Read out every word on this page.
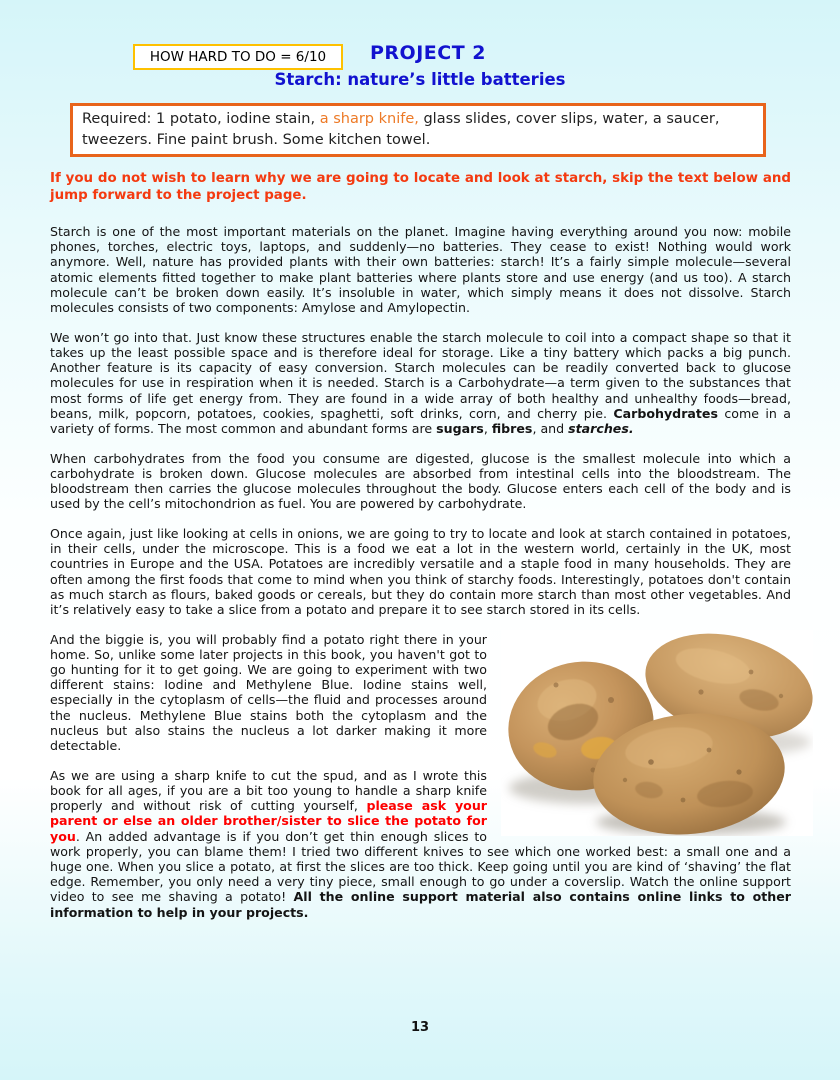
HOW HARD TO DO = 6/10	PROJECT 2
Starch: nature’s little batteries
Required: 1 potato, iodine stain, a sharp knife, glass slides, cover slips, water, a saucer, tweezers. Fine paint brush. Some kitchen towel.

If you do not wish to learn why we are going to locate and look at starch, skip the text below and jump forward to the project page.

Starch is one of the most important materials on the planet. Imagine having everything around you now: mobile phones, torches, electric toys, laptops, and suddenly—no batteries. They cease to exist! Nothing would work anymore. Well, nature has provided plants with their own batteries: starch! It’s a fairly simple molecule—several atomic elements fitted together to make plant batteries where plants store and use energy (and us too). A starch molecule can’t be broken down easily. It’s insoluble in water, which simply means it does not dissolve. Starch molecules consists of two components: Amylose and Amylopectin.

We won’t go into that. Just know these structures enable the starch molecule to coil into a compact shape so that it takes up the least possible space and is therefore ideal for storage. Like a tiny battery which packs a big punch. Another feature is its capacity of easy conversion. Starch molecules can be readily converted back to glucose molecules for use in respiration when it is needed. Starch is a Carbohydrate—a term given to the substances that most forms of life get energy from. They are found in a wide array of both healthy and unhealthy foods—bread, beans, milk, popcorn, potatoes, cookies, spaghetti, soft drinks, corn, and cherry pie. Carbohydrates come in a variety of forms. The most common and abundant forms are sugars, fibres, and starches.

When carbohydrates from the food you consume are digested, glucose is the smallest molecule into which a carbohydrate is broken down. Glucose molecules are absorbed from intestinal cells into the bloodstream. The bloodstream then carries the glucose molecules throughout the body. Glucose enters each cell of the body and is used by the cell’s mitochondrion as fuel. You are powered by carbohydrate.

Once again, just like looking at cells in onions, we are going to try to locate and look at starch contained in potatoes, in their cells, under the microscope. This is a food we eat a lot in the western world, certainly in the UK, most countries in Europe and the USA. Potatoes are incredibly versatile and a staple food in many households. They are often among the first foods that come to mind when you think of starchy foods. Interestingly, potatoes don't contain as much starch as flours, baked goods or cereals, but they do contain more starch than most other vegetables. And it’s relatively easy to take a slice from a potato and prepare it to see starch stored in its cells.

And the biggie is, you will probably find a potato right there in your home. So, unlike some later projects in this book, you haven't got to go hunting for it to get going. We are going to experiment with two different stains: Iodine and Methylene Blue. Iodine stains well, especially in the cytoplasm of cells—the fluid and processes around the nucleus. Methylene Blue stains both the cytoplasm and the nucleus but also stains the nucleus a lot darker making it more detectable.

As we are using a sharp knife to cut the spud, and as I wrote this book for all ages, if you are a bit too young to handle a sharp knife properly and without risk of cutting yourself, please ask your parent or else an older brother/sister to slice the potato for you. An added advantage is if you don’t get thin enough slices to work properly, you can blame them! I tried two different knives to see which one worked best: a small one and a huge one. When you slice a potato, at first the slices are too thick. Keep going until you are kind of ‘shaving’ the flat edge. Remember, you only need a very tiny piece, small enough to go under a coverslip. Watch the online support video to see me shaving a potato! All the online support material also contains online links to other information to help in your projects.

13
